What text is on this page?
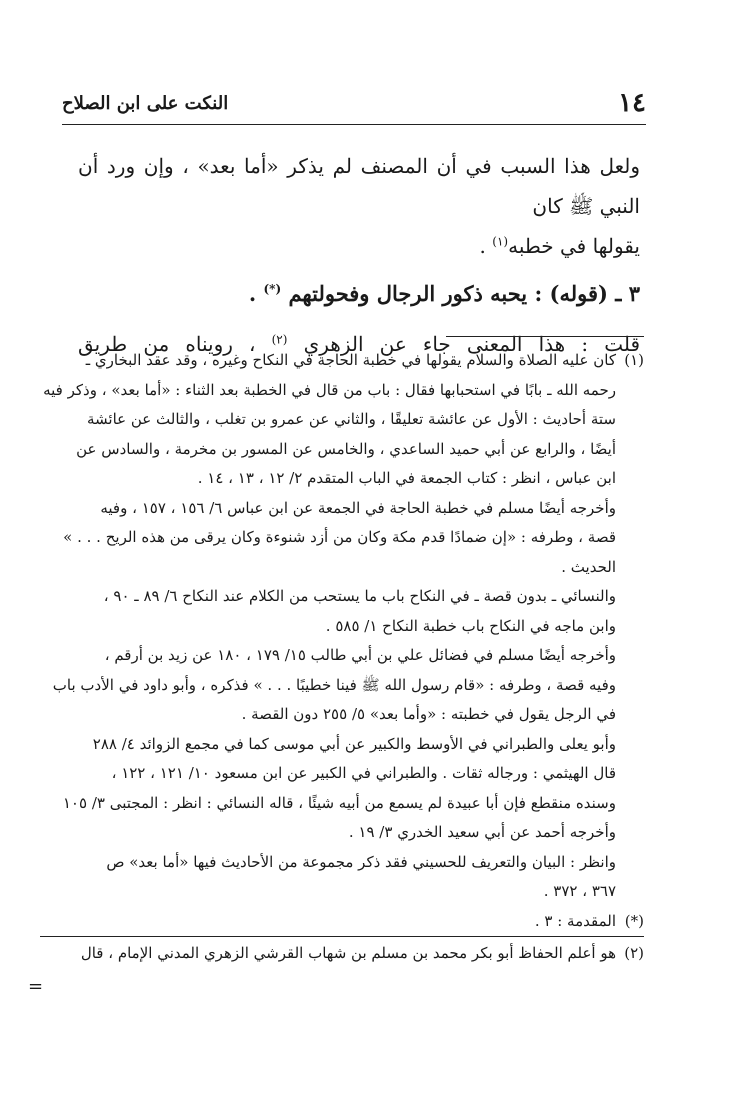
١٤
النكت على ابن الصلاح

ولعل هذا السبب في أن المصنف لم يذكر «أما بعد» ، وإن ورد أن النبي ﷺ كان
يقولها في خطبه$^{(١)}$ .

٣ ـ (قوله) : يحبه ذكور الرجال وفحولتهم (*) .

قلت : هذا المعنى جاء عن الزهري $^{(٢)}$ ، رويناه من طريق

(١)كان عليه الصلاة والسلام يقولها في خطبة الحاجة في النكاح وغيره ، وقد عقد البخاري ـ

رحمه الله ـ بابًا في استحبابها فقال : باب من قال في الخطبة بعد الثناء : «أما بعد» ، وذكر فيه

ستة أحاديث : الأول عن عائشة تعليقًا ، والثاني عن عمرو بن تغلب ، والثالث عن عائشة

أيضًا ، والرابع عن أبي حميد الساعدي ، والخامس عن المسور بن مخرمة ، والسادس عن

ابن عباس ، انظر : كتاب الجمعة في الباب المتقدم ٢/ ١٢ ، ١٣ ، ١٤ .

وأخرجه أيضًا مسلم في خطبة الحاجة في الجمعة عن ابن عباس ٦/ ١٥٦ ، ١٥٧ ، وفيه

قصة ، وطرفه : «إن ضمادًا قدم مكة وكان من أزد شنوءة وكان يرقى من هذه الريح . . . »

الحديث .

والنسائي ـ بدون قصة ـ في النكاح باب ما يستحب من الكلام عند النكاح ٦/ ٨٩ ـ ٩٠ ،

وابن ماجه في النكاح باب خطبة النكاح ١/ ٥٨٥ .

وأخرجه أيضًا مسلم في فضائل علي بن أبي طالب ١٥/ ١٧٩ ، ١٨٠ عن زيد بن أرقم ،

وفيه قصة ، وطرفه : «قام رسول الله ﷺ فينا خطيبًا . . . » فذكره ، وأبو داود في الأدب باب

في الرجل يقول في خطبته : «وأما بعد» ٥/ ٢٥٥ دون القصة .

وأبو يعلى والطبراني في الأوسط والكبير عن أبي موسى كما في مجمع الزوائد ٤/ ٢٨٨

قال الهيثمي : ورجاله ثقات . والطبراني في الكبير عن ابن مسعود ١٠/ ١٢١ ، ١٢٢ ،

وسنده منقطع فإن أبا عبيدة لم يسمع من أبيه شيئًا ، قاله النسائي : انظر : المجتبى ٣/ ١٠٥

وأخرجه أحمد عن أبي سعيد الخدري ٣/ ١٩ .

وانظر : البيان والتعريف للحسيني فقد ذكر مجموعة من الأحاديث فيها «أما بعد» ص

٣٦٧ ، ٣٧٢ .

(*)المقدمة : ٣ .

(٢)هو أعلم الحفاظ أبو بكر محمد بن مسلم بن شهاب القرشي الزهري المدني الإمام ، قال

=
